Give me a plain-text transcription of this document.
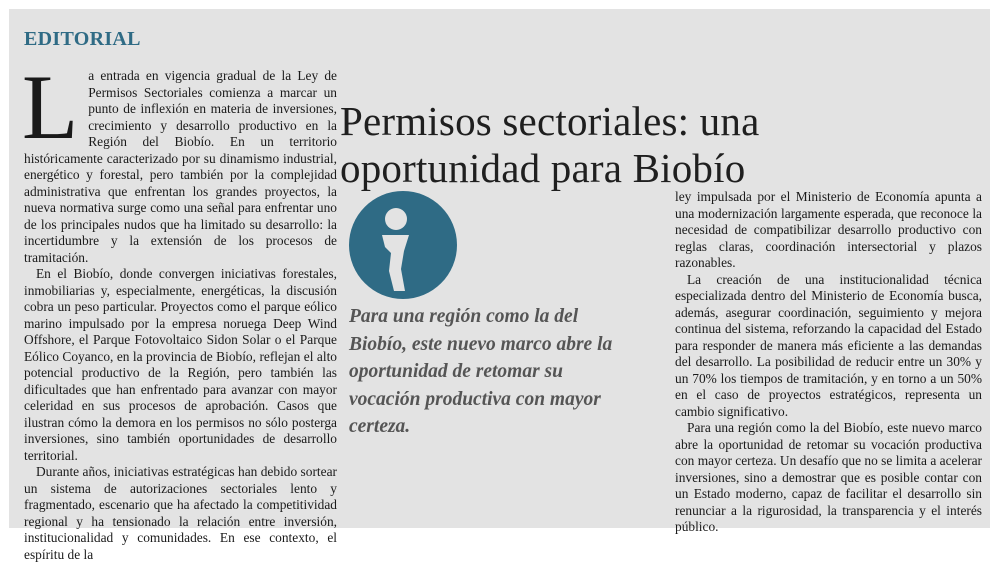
EDITORIAL

La entrada en vigencia gradual de la Ley de Permisos Sectoriales comienza a marcar un punto de inflexión en materia de inversiones, crecimiento y desarrollo productivo en la Región del Biobío. En un territorio históricamente caracterizado por su dinamismo industrial, energético y forestal, pero también por la complejidad administrativa que enfrentan los grandes proyectos, la nueva normativa surge como una señal para enfrentar uno de los principales nudos que ha limitado su desarrollo: la incertidumbre y la extensión de los procesos de tramitación.

En el Biobío, donde convergen iniciativas forestales, inmobiliarias y, especialmente, energéticas, la discusión cobra un peso particular. Proyectos como el parque eólico marino impulsado por la empresa noruega Deep Wind Offshore, el Parque Fotovoltaico Sidon Solar o el Parque Eólico Coyanco, en la provincia de Biobío, reflejan el alto potencial productivo de la Región, pero también las dificultades que han enfrentado para avanzar con mayor celeridad en sus procesos de aprobación. Casos que ilustran cómo la demora en los permisos no sólo posterga inversiones, sino también oportunidades de desarrollo territorial.

Durante años, iniciativas estratégicas han debido sortear un sistema de autorizaciones sectoriales lento y fragmentado, escenario que ha afectado la competitividad regional y ha tensionado la relación entre inversión, institucionalidad y comunidades. En ese contexto, el espíritu de la

Permisos sectoriales: una oportunidad para Biobío
Para una región como la del Biobío, este nuevo marco abre la oportunidad de retomar su vocación productiva con mayor certeza.

ley impulsada por el Ministerio de Economía apunta a una modernización largamente esperada, que reconoce la necesidad de compatibilizar desarrollo productivo con reglas claras, coordinación intersectorial y plazos razonables.

La creación de una institucionalidad técnica especializada dentro del Ministerio de Economía busca, además, asegurar coordinación, seguimiento y mejora continua del sistema, reforzando la capacidad del Estado para responder de manera más eficiente a las demandas del desarrollo. La posibilidad de reducir entre un 30% y un 70% los tiempos de tramitación, y en torno a un 50% en el caso de proyectos estratégicos, representa un cambio significativo.

Para una región como la del Biobío, este nuevo marco abre la oportunidad de retomar su vocación productiva con mayor certeza. Un desafío que no se limita a acelerar inversiones, sino a demostrar que es posible contar con un Estado moderno, capaz de facilitar el desarrollo sin renunciar a la rigurosidad, la transparencia y el interés público.
